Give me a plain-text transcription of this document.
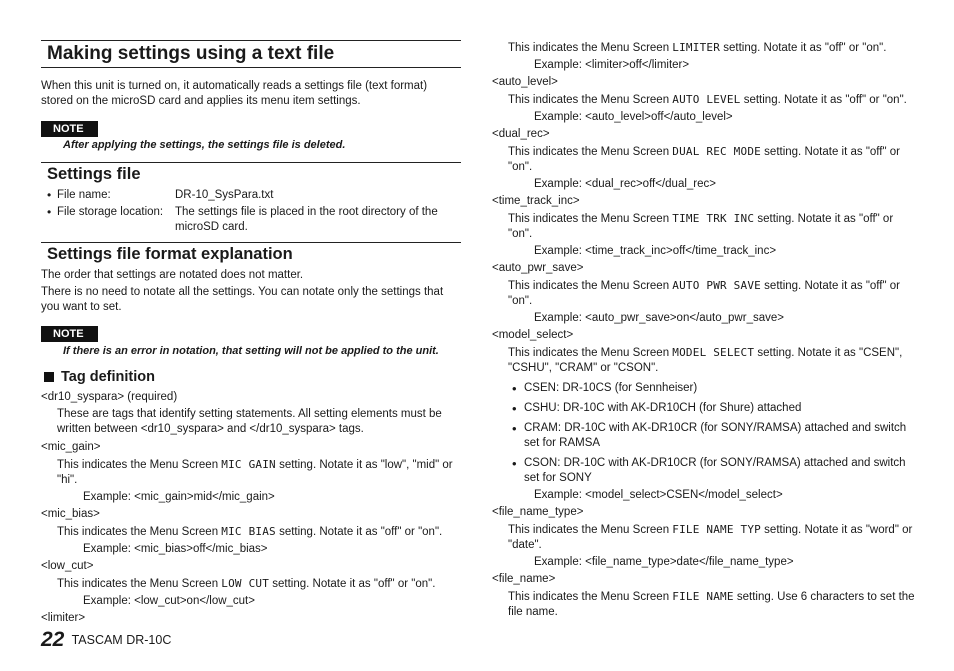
Making settings using a text file
When this unit is turned on, it automatically reads a settings file (text format) stored on the microSD card and applies its menu item settings.
NOTE
After applying the settings, the settings file is deleted.
Settings file
• File name:	DR-10_SysPara.txt
• File storage location: The settings file is placed in the root directory of the microSD card.
Settings file format explanation
The order that settings are notated does not matter.
There is no need to notate all the settings. You can notate only the settings that you want to set.
NOTE
If there is an error in notation, that setting will not be applied to the unit.
Tag definition
<dr10_syspara> (required)
These are tags that identify setting statements. All setting elements must be written between <dr10_syspara> and </dr10_syspara> tags.
<mic_gain>
This indicates the Menu Screen MIC GAIN setting. Notate it as "low", "mid" or "hi".
Example: <mic_gain>mid</mic_gain>
<mic_bias>
This indicates the Menu Screen MIC BIAS setting. Notate it as "off" or "on".
Example: <mic_bias>off</mic_bias>
<low_cut>
This indicates the Menu Screen LOW CUT setting. Notate it as "off" or "on".
Example: <low_cut>on</low_cut>
<limiter>
22 TASCAM DR-10C
This indicates the Menu Screen LIMITER setting. Notate it as "off" or "on".
Example: <limiter>off</limiter>
<auto_level>
This indicates the Menu Screen AUTO LEVEL setting. Notate it as "off" or "on".
Example: <auto_level>off</auto_level>
<dual_rec>
This indicates the Menu Screen DUAL REC MODE setting. Notate it as "off" or "on".
Example: <dual_rec>off</dual_rec>
<time_track_inc>
This indicates the Menu Screen TIME TRK INC setting. Notate it as "off" or "on".
Example: <time_track_inc>off</time_track_inc>
<auto_pwr_save>
This indicates the Menu Screen AUTO PWR SAVE setting. Notate it as "off" or "on".
Example: <auto_pwr_save>on</auto_pwr_save>
<model_select>
This indicates the Menu Screen MODEL SELECT setting. Notate it as "CSEN", "CSHU", "CRAM" or "CSON".
• CSEN: DR-10CS (for Sennheiser)
• CSHU: DR-10C with AK-DR10CH (for Shure) attached
• CRAM: DR-10C with AK-DR10CR (for SONY/RAMSA) attached and switch set for RAMSA
• CSON: DR-10C with AK-DR10CR (for SONY/RAMSA) attached and switch set for SONY
Example: <model_select>CSEN</model_select>
<file_name_type>
This indicates the Menu Screen FILE NAME TYP setting. Notate it as "word" or "date".
Example: <file_name_type>date</file_name_type>
<file_name>
This indicates the Menu Screen FILE NAME setting. Use 6 characters to set the file name.
